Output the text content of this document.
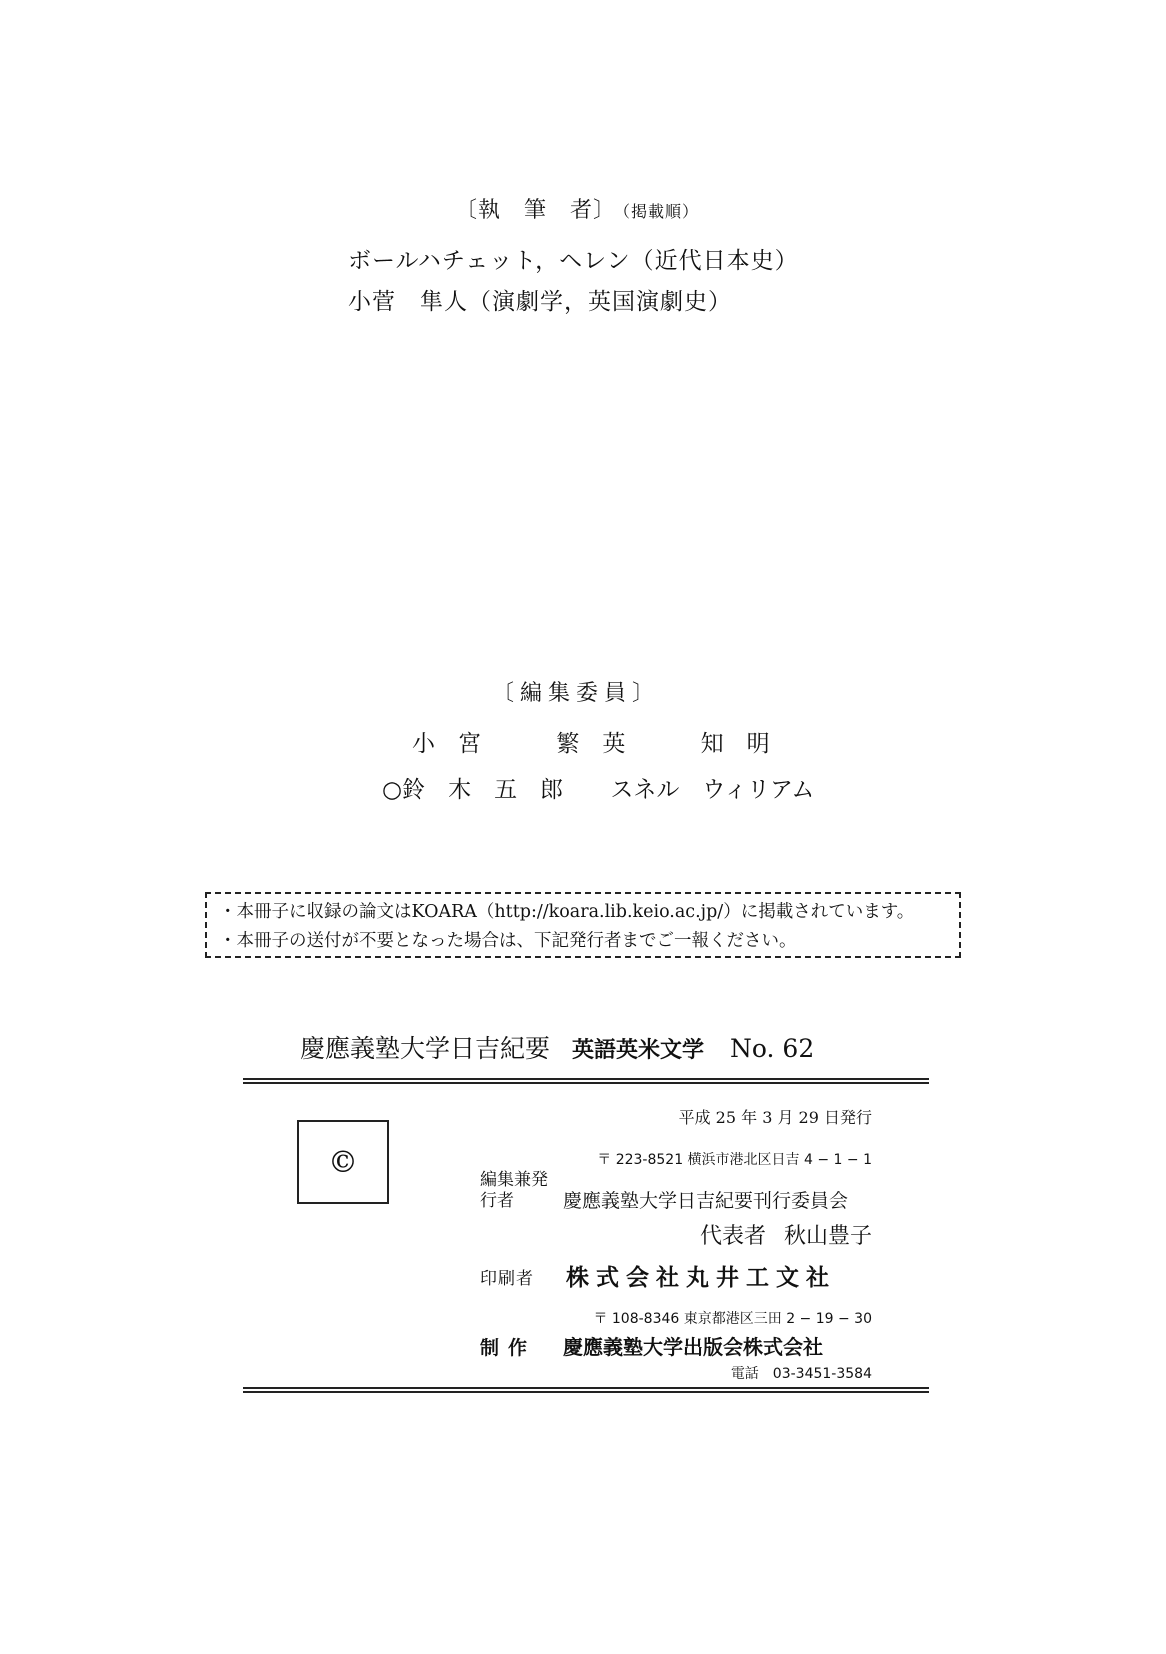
〔執　筆　者〕 （掲載順）
ボールハチェット，ヘレン（近代日本史）
小菅　隼人（演劇学，英国演劇史）
〔編集委員〕
小　宮	繁　英	知　明
○鈴　木　五　郎 スネル　ウィリアム
・本冊子に収録の論文はKOARA（http://koara.lib.keio.ac.jp/）に掲載されています。
・本冊子の送付が不要となった場合は、下記発行者までご一報ください。
慶應義塾大学日吉紀要 英語英米文学 No. 62
©
平成 25 年 3 月 29 日発行
〒 223-8521 横浜市港北区日吉 4 − 1 − 1
編集兼発行者	慶應義塾大学日吉紀要刊行委員会
代表者 秋山豊子
印刷者 株式会社丸井工文社
〒 108-8346 東京都港区三田 2 − 19 − 30
制作 慶應義塾大学出版会株式会社
電話　03-3451-3584
